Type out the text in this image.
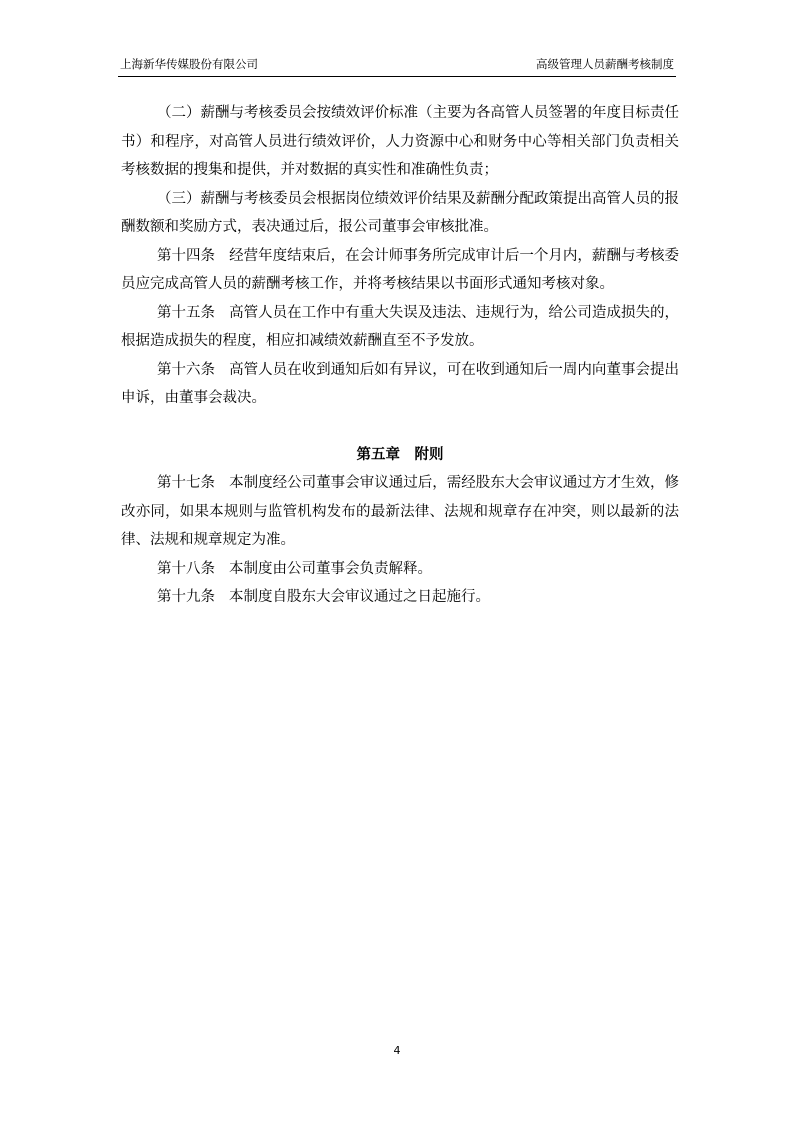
上海新华传媒股份有限公司	高级管理人员薪酬考核制度

（二）薪酬与考核委员会按绩效评价标准（主要为各高管人员签署的年度目标责任书）和程序，对高管人员进行绩效评价，人力资源中心和财务中心等相关部门负责相关考核数据的搜集和提供，并对数据的真实性和准确性负责；

（三）薪酬与考核委员会根据岗位绩效评价结果及薪酬分配政策提出高管人员的报酬数额和奖励方式，表决通过后，报公司董事会审核批准。

第十四条 经营年度结束后，在会计师事务所完成审计后一个月内，薪酬与考核委员应完成高管人员的薪酬考核工作，并将考核结果以书面形式通知考核对象。

第十五条 高管人员在工作中有重大失误及违法、违规行为，给公司造成损失的，根据造成损失的程度，相应扣减绩效薪酬直至不予发放。

第十六条 高管人员在收到通知后如有异议，可在收到通知后一周内向董事会提出申诉，由董事会裁决。

第五章　附则

第十七条 本制度经公司董事会审议通过后，需经股东大会审议通过方才生效，修改亦同，如果本规则与监管机构发布的最新法律、法规和规章存在冲突，则以最新的法律、法规和规章规定为准。

第十八条 本制度由公司董事会负责解释。

第十九条 本制度自股东大会审议通过之日起施行。

4
